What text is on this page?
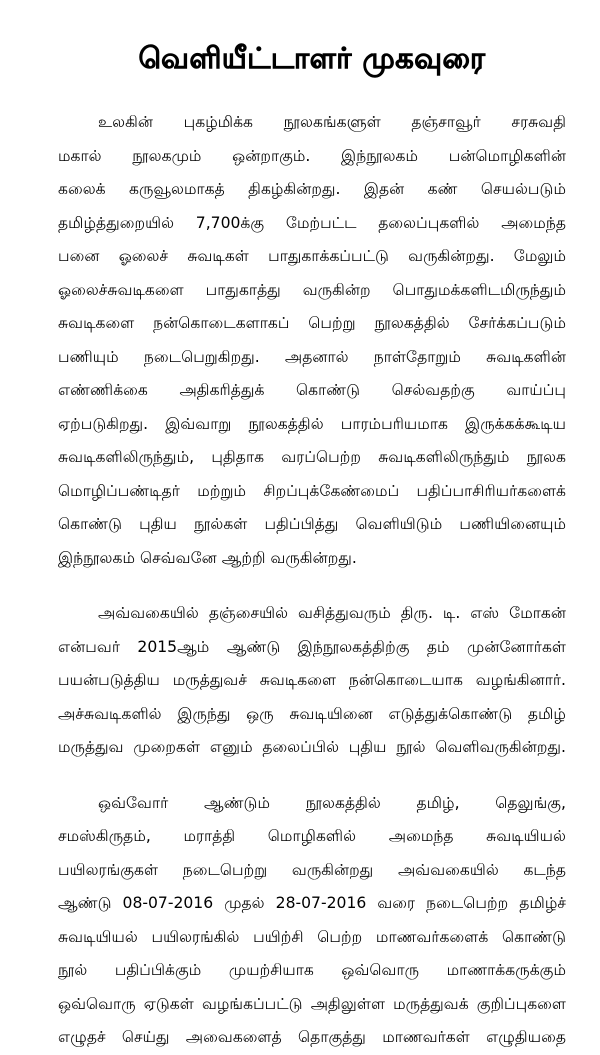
வெளியீட்டாளர் முகவுரை
உலகின் புகழ்மிக்க நூலகங்களுள் தஞ்சாவூர் சரசுவதி
மகால் நூலகமும் ஒன்றாகும். இந்நூலகம் பன்மொழிகளின்
கலைக் கருவூலமாகத் திகழ்கின்றது. இதன் கண் செயல்படும்
தமிழ்த்துறையில் 7,700க்கு மேற்பட்ட தலைப்புகளில் அமைந்த
பனை ஓலைச் சுவடிகள் பாதுகாக்கப்பட்டு வருகின்றது. மேலும்
ஓலைச்சுவடிகளை பாதுகாத்து வருகின்ற பொதுமக்களிடமிருந்தும்
சுவடிகளை நன்கொடைகளாகப் பெற்று நூலகத்தில் சேர்க்கப்படும்
பணியும் நடைபெறுகிறது. அதனால் நாள்தோறும் சுவடிகளின்
எண்ணிக்கை அதிகரித்துக் கொண்டு செல்வதற்கு வாய்ப்பு
ஏற்படுகிறது. இவ்வாறு நூலகத்தில் பாரம்பரியமாக இருக்கக்கூடிய
சுவடிகளிலிருந்தும், புதிதாக வரப்பெற்ற சுவடிகளிலிருந்தும் நூலக
மொழிப்பண்டிதர் மற்றும் சிறப்புக்கேண்மைப் பதிப்பாசிரியர்களைக்
கொண்டு புதிய நூல்கள் பதிப்பித்து வெளியிடும் பணியினையும்
இந்நூலகம் செவ்வனே ஆற்றி வருகின்றது.
அவ்வகையில் தஞ்சையில் வசித்துவரும் திரு. டி. எஸ் மோகன்
என்பவர் 2015ஆம் ஆண்டு இந்நூலகத்திற்கு தம் முன்னோர்கள்
பயன்படுத்திய மருத்துவச் சுவடிகளை நன்கொடையாக வழங்கினார்.
அச்சுவடிகளில் இருந்து ஒரு சுவடியினை எடுத்துக்கொண்டு தமிழ்
மருத்துவ முறைகள் எனும் தலைப்பில் புதிய நூல் வெளிவருகின்றது.
ஒவ்வோர் ஆண்டும் நூலகத்தில் தமிழ், தெலுங்கு,
சமஸ்கிருதம், மராத்தி மொழிகளில் அமைந்த சுவடியியல்
பயிலரங்குகள் நடைபெற்று வருகின்றது அவ்வகையில் கடந்த
ஆண்டு 08-07-2016 முதல் 28-07-2016 வரை நடைபெற்ற தமிழ்ச்
சுவடியியல் பயிலரங்கில் பயிற்சி பெற்ற மாணவர்களைக் கொண்டு
நூல் பதிப்பிக்கும் முயற்சியாக ஒவ்வொரு மாணாக்கருக்கும்
ஒவ்வொரு ஏடுகள் வழங்கப்பட்டு அதிலுள்ள மருத்துவக் குறிப்புகளை
எழுதச் செய்து அவைகளைத் தொகுத்து மாணவர்கள் எழுதியதை
